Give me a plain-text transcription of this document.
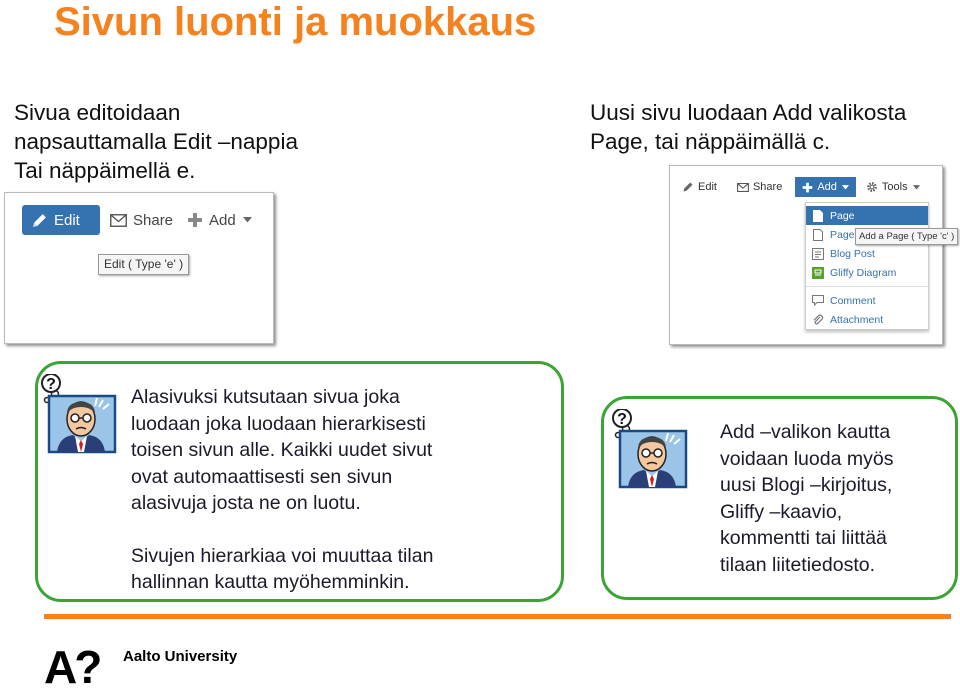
Sivun luonti ja muokkaus
Sivua editoidaan
napsauttamalla Edit –nappia
Tai näppäimellä e.
Uusi sivu luodaan Add valikosta
Page, tai näppäimällä c.
Edit	Share Add
Edit ( Type 'e' )
Edit	Share	Add	Tools
Page
Page
Blog Post
Gliffy Diagram
Comment
Attachment
Add a Page ( Type 'c' )
?
Alasivuksi kutsutaan sivua joka
luodaan joka luodaan hierarkisesti
toisen sivun alle. Kaikki uudet sivut
ovat automaattisesti sen sivun
alasivuja josta ne on luotu.
Sivujen hierarkiaa voi muuttaa tilan
hallinnan kautta myöhemminkin.
?
Add –valikon kautta
voidaan luoda myös
uusi Blogi –kirjoitus,
Gliffy –kaavio,
kommentti tai liittää
tilaan liitetiedosto.
A? Aalto University
